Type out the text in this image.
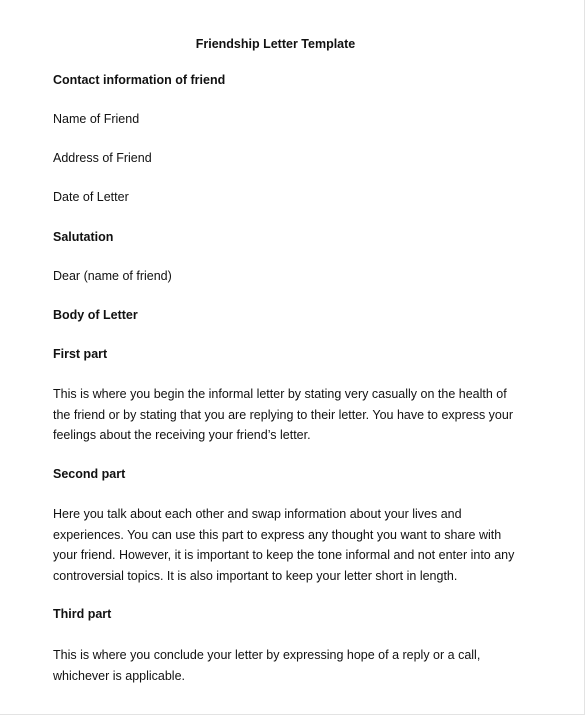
Friendship Letter Template
Contact information of friend
Name of Friend
Address of Friend
Date of Letter
Salutation
Dear (name of friend)
Body of Letter
First part
This is where you begin the informal letter by stating very casually on the health of
the friend or by stating that you are replying to their letter. You have to express your
feelings about the receiving your friend’s letter.
Second part
Here you talk about each other and swap information about your lives and
experiences. You can use this part to express any thought you want to share with
your friend. However, it is important to keep the tone informal and not enter into any
controversial topics. It is also important to keep your letter short in length.
Third part
This is where you conclude your letter by expressing hope of a reply or a call,
whichever is applicable.
